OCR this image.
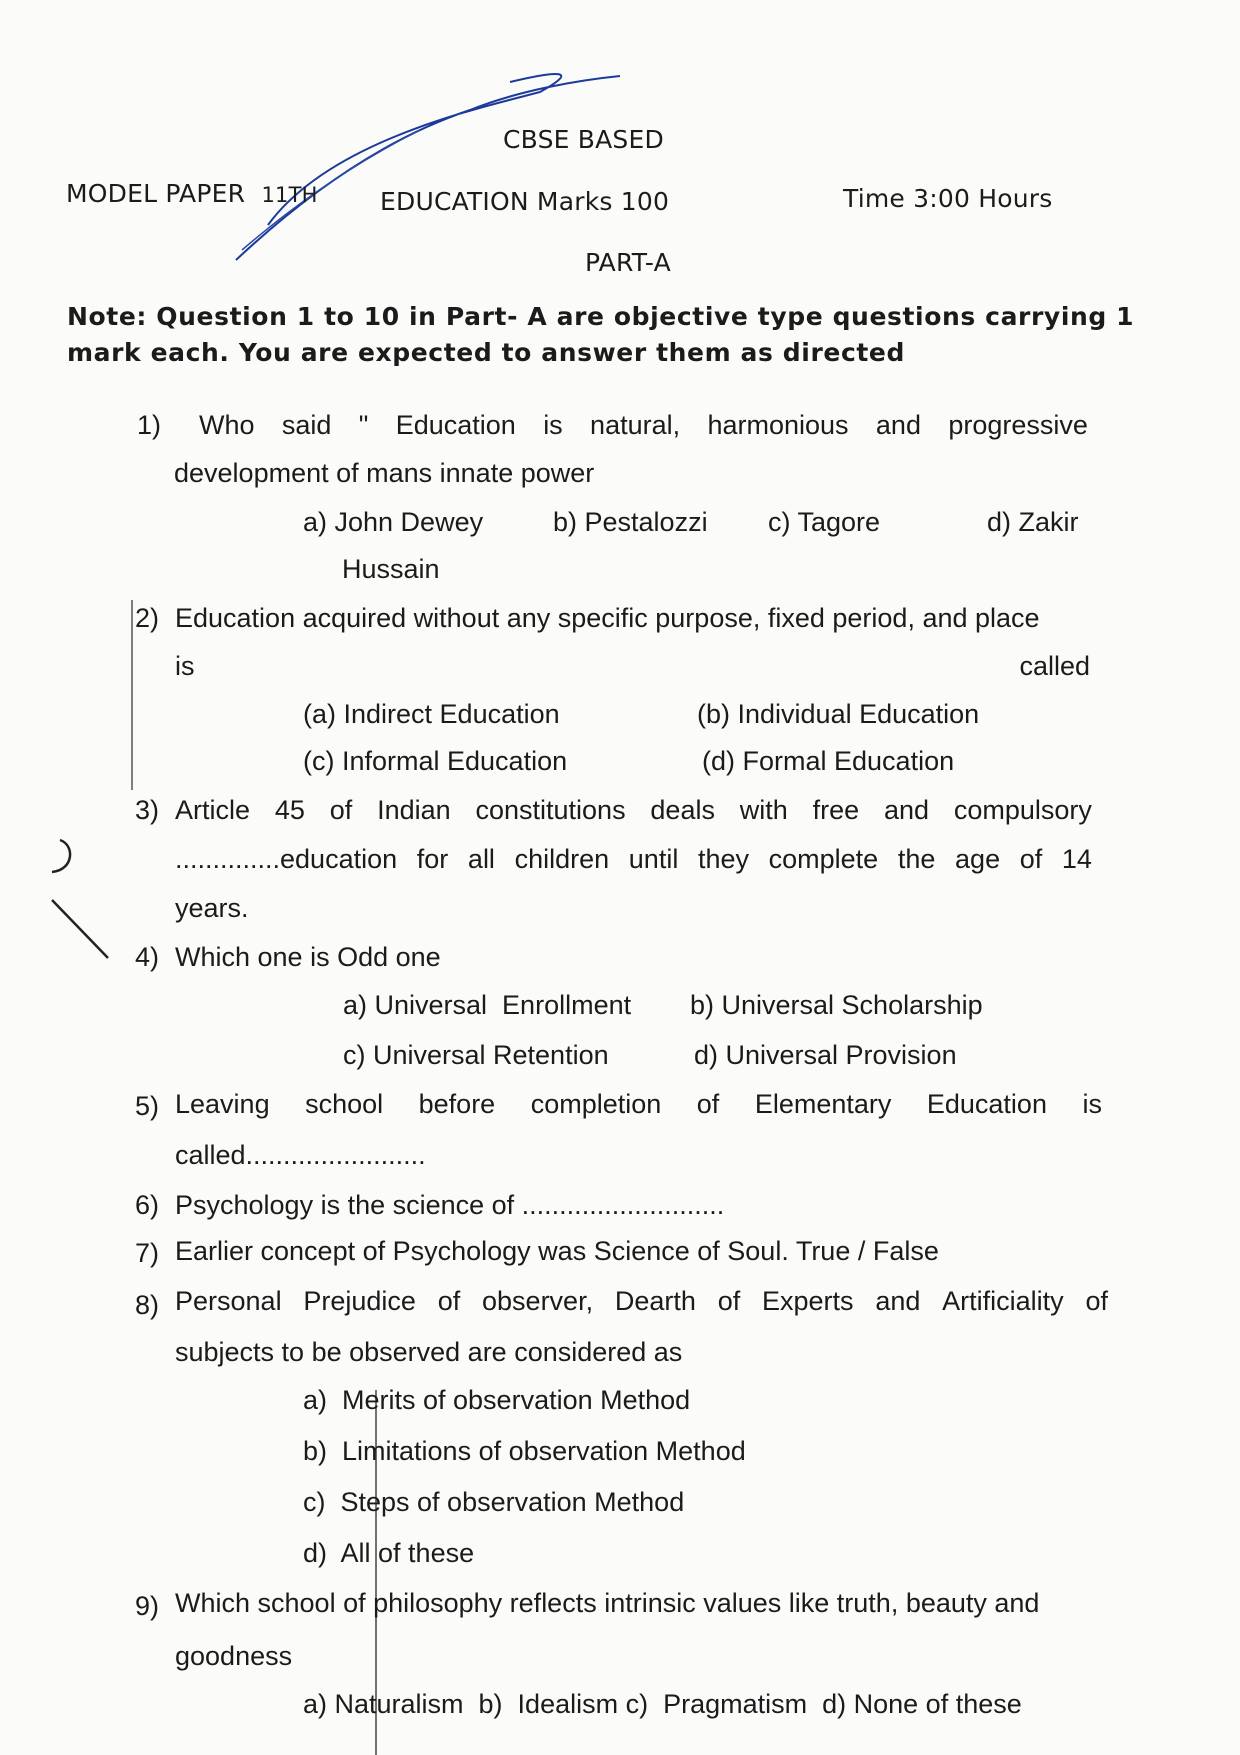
CBSE BASED
MODEL PAPER 11TH EDUCATION Marks 100	Time 3:00 Hours
PART-A
Note: Question 1 to 10 in Part- A are objective type questions carrying 1
mark each. You are expected to answer them as directed
1) Who said " Education is natural, harmonious and progressive
development of mans innate power
a) John Dewey	b) Pestalozzi c) Tagore	d) Zakir
Hussain
2) Education acquired without any specific purpose, fixed period, and place
is	called
(a) Indirect Education	(b) Individual Education
(c) Informal Education	(d) Formal Education
3) Article 45 of Indian constitutions deals with free and compulsory
..............education for all children until they complete the age of 14
years.
4) Which one is Odd one
a) Universal  Enrollment b) Universal Scholarship
c) Universal Retention	d) Universal Provision
5) Leaving school before completion of Elementary Education is
called........................
6) Psychology is the science of ...........................
7) Earlier concept of Psychology was Science of Soul. True / False
8) Personal Prejudice of observer, Dearth of Experts and Artificiality of
subjects to be observed are considered as
a)  Merits of observation Method
b)  Limitations of observation Method
c)  Steps of observation Method
d)  All of these
9) Which school of philosophy reflects intrinsic values like truth, beauty and
goodness
a) Naturalism  b)  Idealism c)  Pragmatism  d) None of these
